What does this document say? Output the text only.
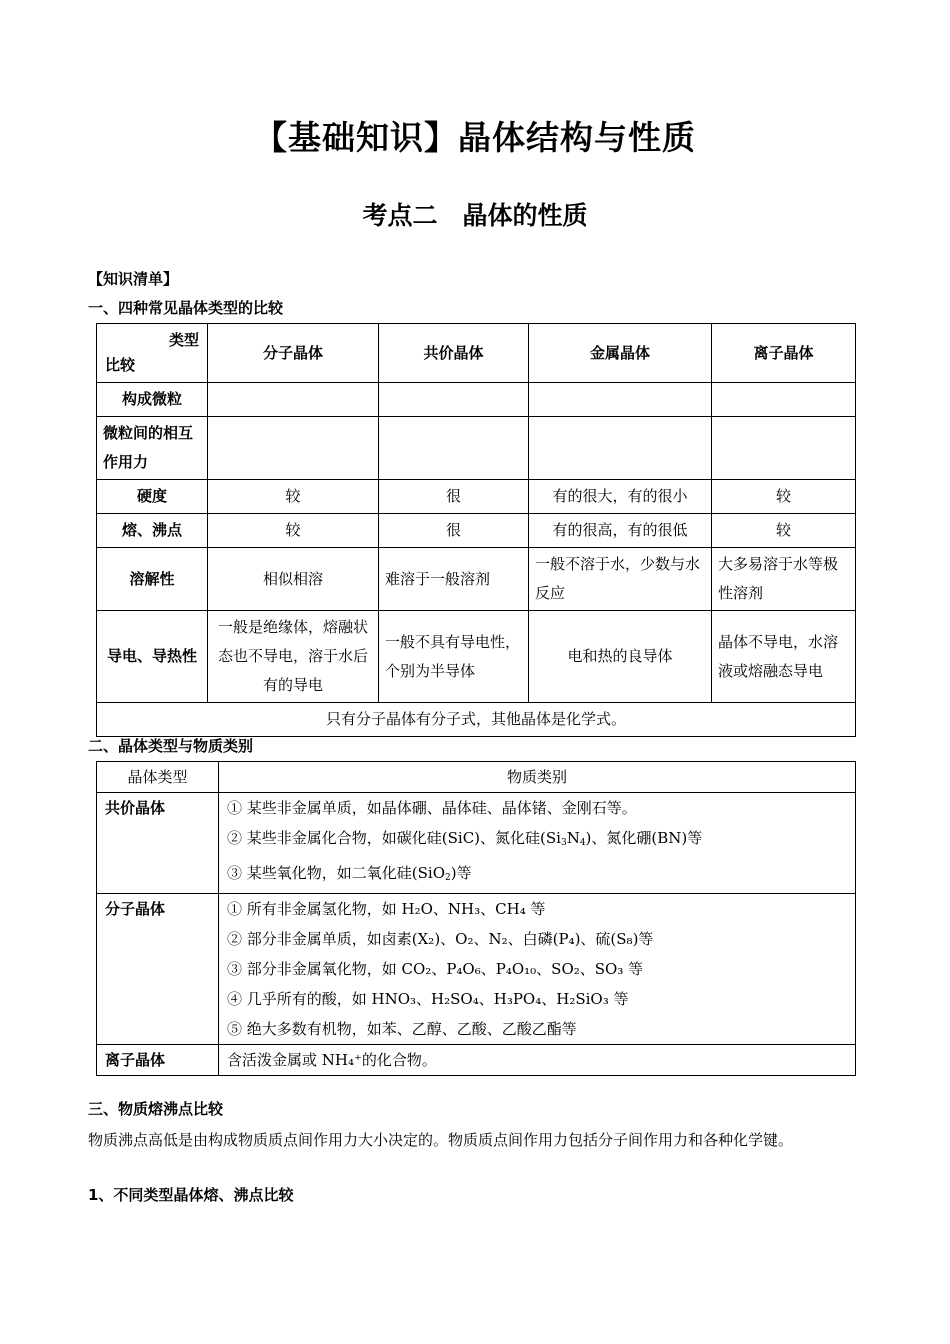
【基础知识】晶体结构与性质
考点二　晶体的性质

【知识清单】

一、四种常见晶体类型的比较

类型
比较	分子晶体	共价晶体	金属晶体	离子晶体
构成微粒				
微粒间的相互作用力				
硬度	较	很	有的很大，有的很小	较
熔、沸点	较	很	有的很高，有的很低	较
溶解性	相似相溶	难溶于一般溶剂	一般不溶于水，少数与水反应	大多易溶于水等极性溶剂
导电、导热性	一般是绝缘体，熔融状态也不导电，溶于水后有的导电	一般不具有导电性，个别为半导体	电和热的良导体	晶体不导电，水溶液或熔融态导电
只有分子晶体有分子式，其他晶体是化学式。				

二、晶体类型与物质类别

晶体类型	物质类别
共价晶体	① 某些非金属单质，如晶体硼、晶体硅、晶体锗、金刚石等。
② 某些非金属化合物，如碳化硅(SiC)、氮化硅$(Si_3N_4)$、氮化硼(BN)等
③ 某些氧化物，如二氧化硅(SiO$_2$)等

分子晶体	① 所有非金属氢化物，如 H₂O、NH₃、CH₄ 等
② 部分非金属单质，如卤素(X₂)、O₂、N₂、白磷(P₄)、硫(S₈)等
③ 部分非金属氧化物，如 CO₂、P₄O₆、P₄O₁₀、SO₂、SO₃ 等
④ 几乎所有的酸，如 HNO₃、H₂SO₄、H₃PO₄、H₂SiO₃ 等
⑤ 绝大多数有机物，如苯、乙醇、乙酸、乙酸乙酯等

离子晶体	含活泼金属或 NH₄⁺的化合物。

三、物质熔沸点比较

物质沸点高低是由构成物质质点间作用力大小决定的。物质质点间作用力包括分子间作用力和各种化学键。

1、不同类型晶体熔、沸点比较
